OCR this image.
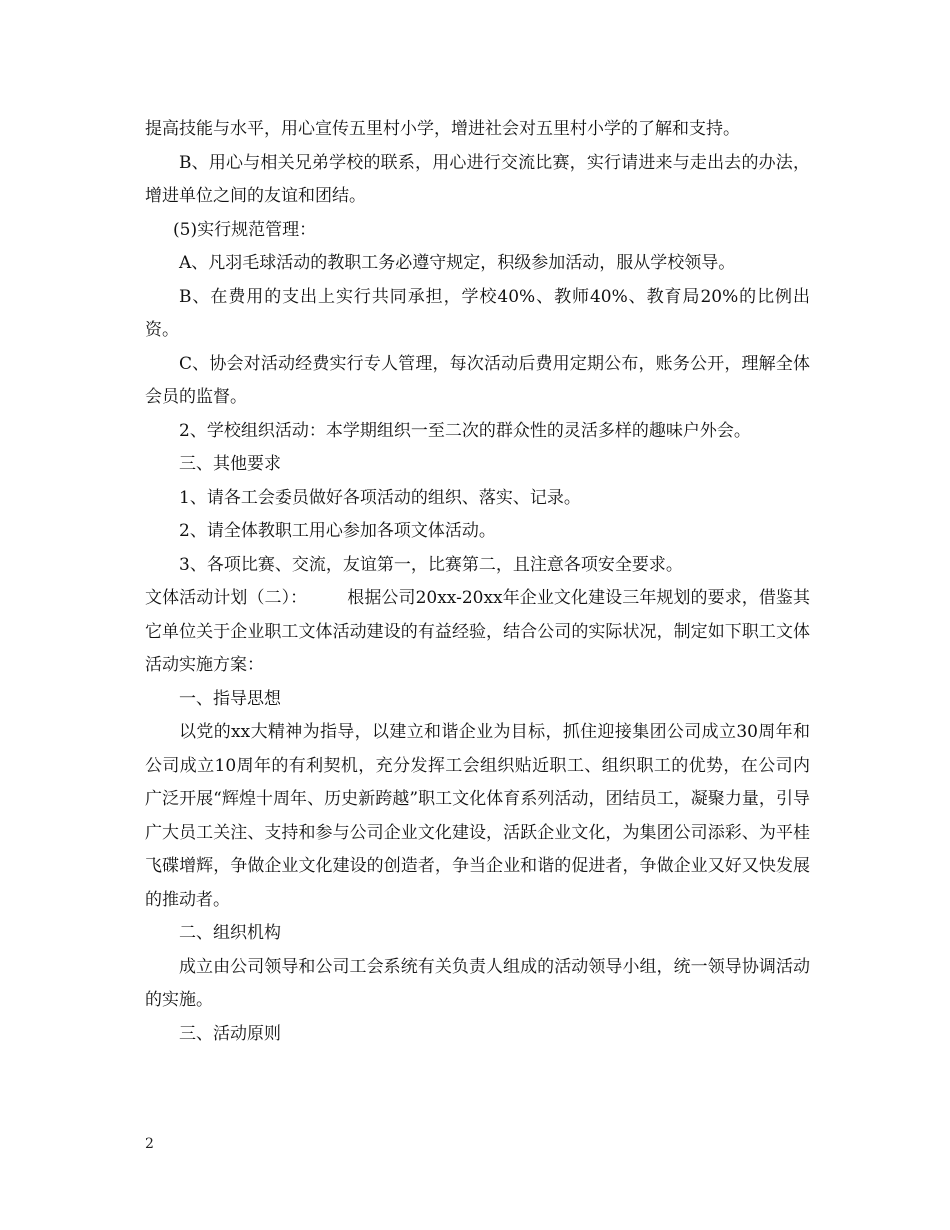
提高技能与水平，用心宣传五里村小学，增进社会对五里村小学的了解和支持。

B、用心与相关兄弟学校的联系，用心进行交流比赛，实行请进来与走出去的办法，增进单位之间的友谊和团结。

(5)实行规范管理：

A、凡羽毛球活动的教职工务必遵守规定，积级参加活动，服从学校领导。

B、在费用的支出上实行共同承担，学校40%、教师40%、教育局20%的比例出资。

C、协会对活动经费实行专人管理，每次活动后费用定期公布，账务公开，理解全体会员的监督。

2、学校组织活动：本学期组织一至二次的群众性的灵活多样的趣味户外会。

三、其他要求

1、请各工会委员做好各项活动的组织、落实、记录。

2、请全体教职工用心参加各项文体活动。

3、各项比赛、交流，友谊第一，比赛第二，且注意各项安全要求。

文体活动计划（二）： 根据公司20xx-20xx年企业文化建设三年规划的要求，借鉴其它单位关于企业职工文体活动建设的有益经验，结合公司的实际状况，制定如下职工文体活动实施方案：

一、指导思想

以党的xx大精神为指导，以建立和谐企业为目标，抓住迎接集团公司成立30周年和公司成立10周年的有利契机，充分发挥工会组织贴近职工、组织职工的优势，在公司内广泛开展“辉煌十周年、历史新跨越”职工文化体育系列活动，团结员工，凝聚力量，引导广大员工关注、支持和参与公司企业文化建设，活跃企业文化，为集团公司添彩、为平桂飞碟增辉，争做企业文化建设的创造者，争当企业和谐的促进者，争做企业又好又快发展的推动者。

二、组织机构

成立由公司领导和公司工会系统有关负责人组成的活动领导小组，统一领导协调活动的实施。

三、活动原则

2
